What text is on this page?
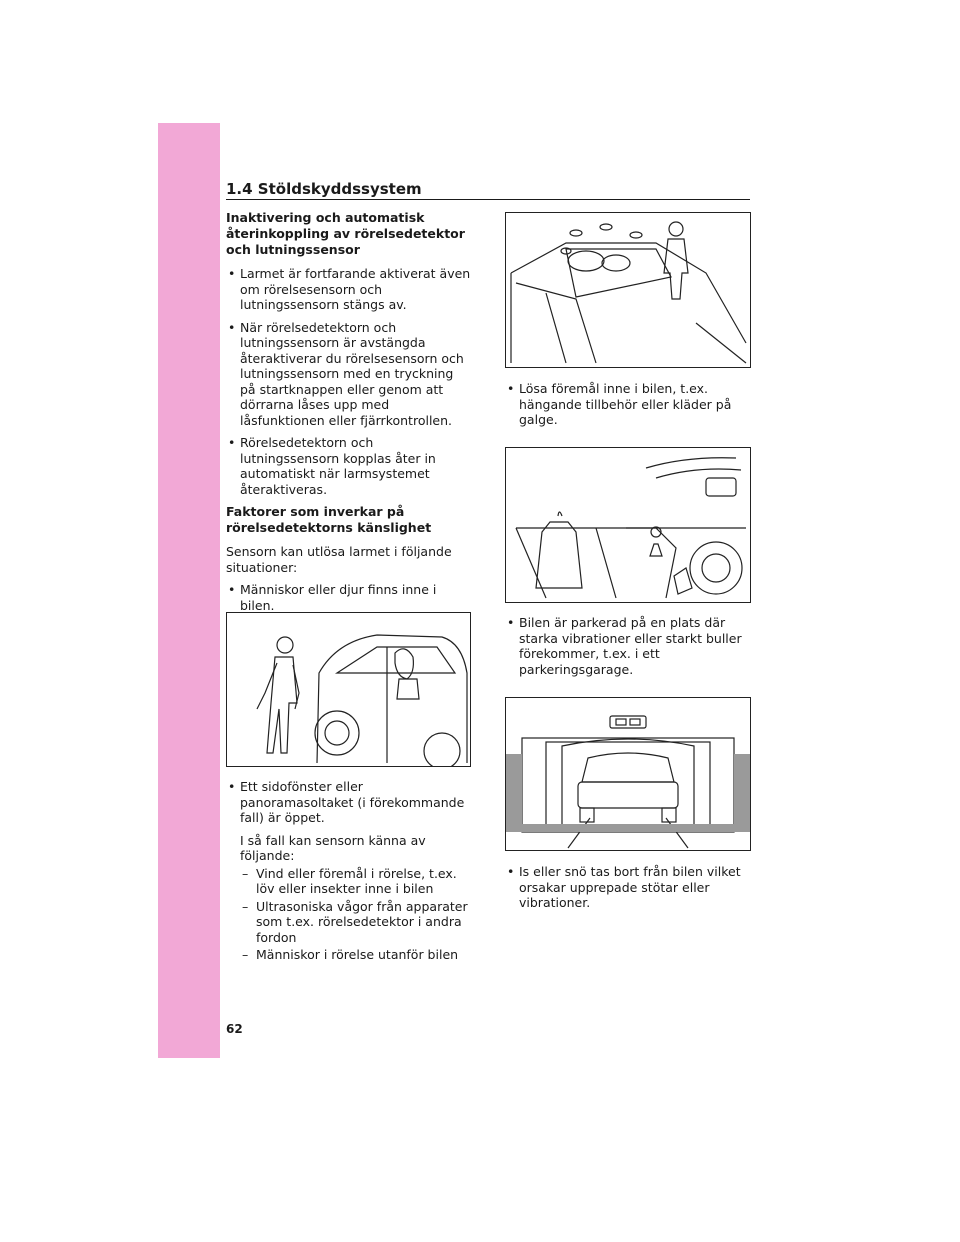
1.4 Stöldskyddssystem
Inaktivering och automatisk återinkoppling av rörelsedetektor och lutningssensor

• Larmet är fortfarande aktiverat även om rörelsesensorn och lutningssensorn stängs av.

• När rörelsedetektorn och lutningssensorn är avstängda återaktiverar du rörelsesensorn och lutningssensorn med en tryckning på startknappen eller genom att dörrarna låses upp med låsfunktionen eller fjärrkontrollen.

• Rörelsedetektorn och lutningssensorn kopplas åter in automatiskt när larmsystemet återaktiveras.

Faktorer som inverkar på rörelsedetektorns känslighet

Sensorn kan utlösa larmet i följande situationer:

• Människor eller djur finns inne i bilen.

• Ett sidofönster eller panoramasoltaket (i förekommande fall) är öppet.

I så fall kan sensorn känna av följande:

– Vind eller föremål i rörelse, t.ex. löv eller insekter inne i bilen

– Ultrasoniska vågor från apparater som t.ex. rörelsedetektor i andra fordon

– Människor i rörelse utanför bilen

• Lösa föremål inne i bilen, t.ex. hängande tillbehör eller kläder på galge.

• Bilen är parkerad på en plats där starka vibrationer eller starkt buller förekommer, t.ex. i ett parkeringsgarage.

• Is eller snö tas bort från bilen vilket orsakar upprepade stötar eller vibrationer.

62
